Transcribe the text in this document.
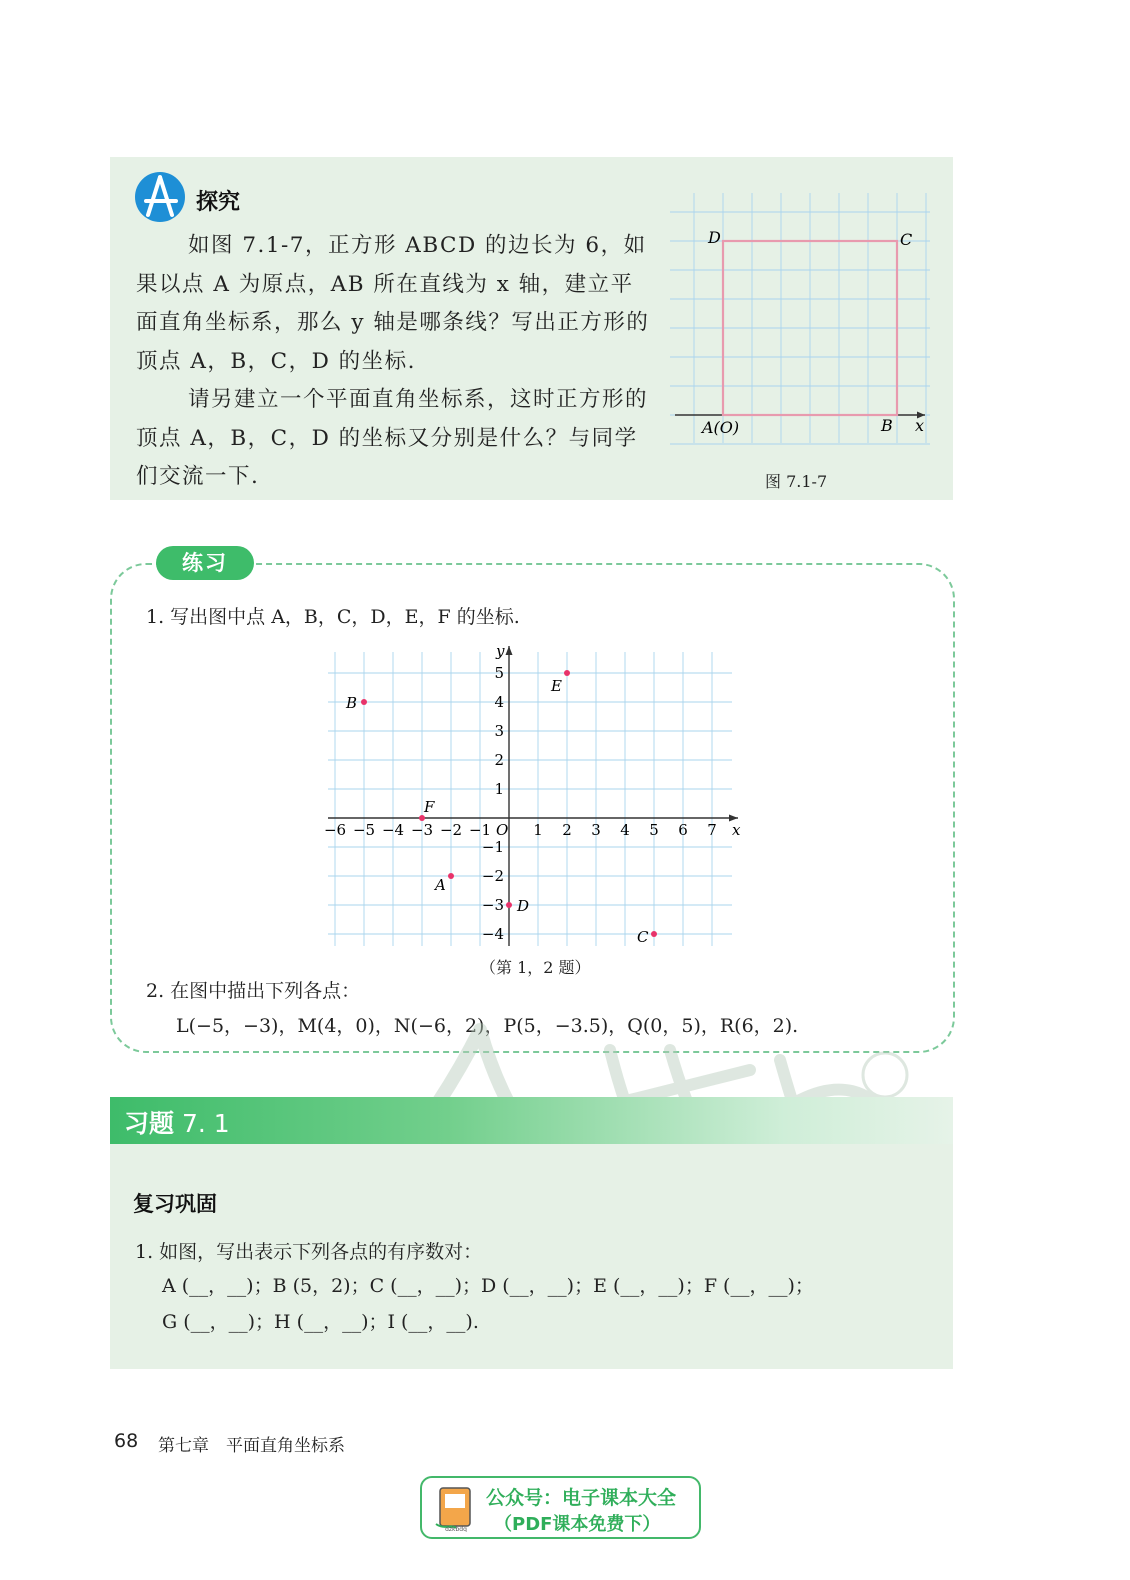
探究
如图 7.1-7，正方形 ABCD 的边长为 6，如果以点 A 为原点，AB 所在直线为 x 轴，建立平面直角坐标系，那么 y 轴是哪条线？写出正方形的顶点 A，B，C，D 的坐标.
请另建立一个平面直角坐标系，这时正方形的顶点 A，B，C，D 的坐标又分别是什么？与同学们交流一下.
D	C
A(O)	B x
图 7.1-7
练习
1. 写出图中点 A，B，C，D，E，F 的坐标.
x
y
O
−6 −5 −4 −3 −2 −1	1 2 3 4 5 6 7
5
4
3
2
1
−1
−2
−3
−4
B
E
F
A
D
C
（第 1，2 题）
2. 在图中描出下列各点：
L(−5，−3)，M(4，0)，N(−6，2)，P(5，−3.5)，Q(0，5)，R(6，2).
习题 7. 1
复习巩固
1. 如图，写出表示下列各点的有序数对：
A (__，__)；B (5，2)；C (__，__)；D (__，__)；E (__，__)；F (__，__)；
G (__，__)；H (__，__)；I (__，__).
68 第七章　平面直角坐标系
dzkbdq
公众号：电子课本大全
（PDF课本免费下）
